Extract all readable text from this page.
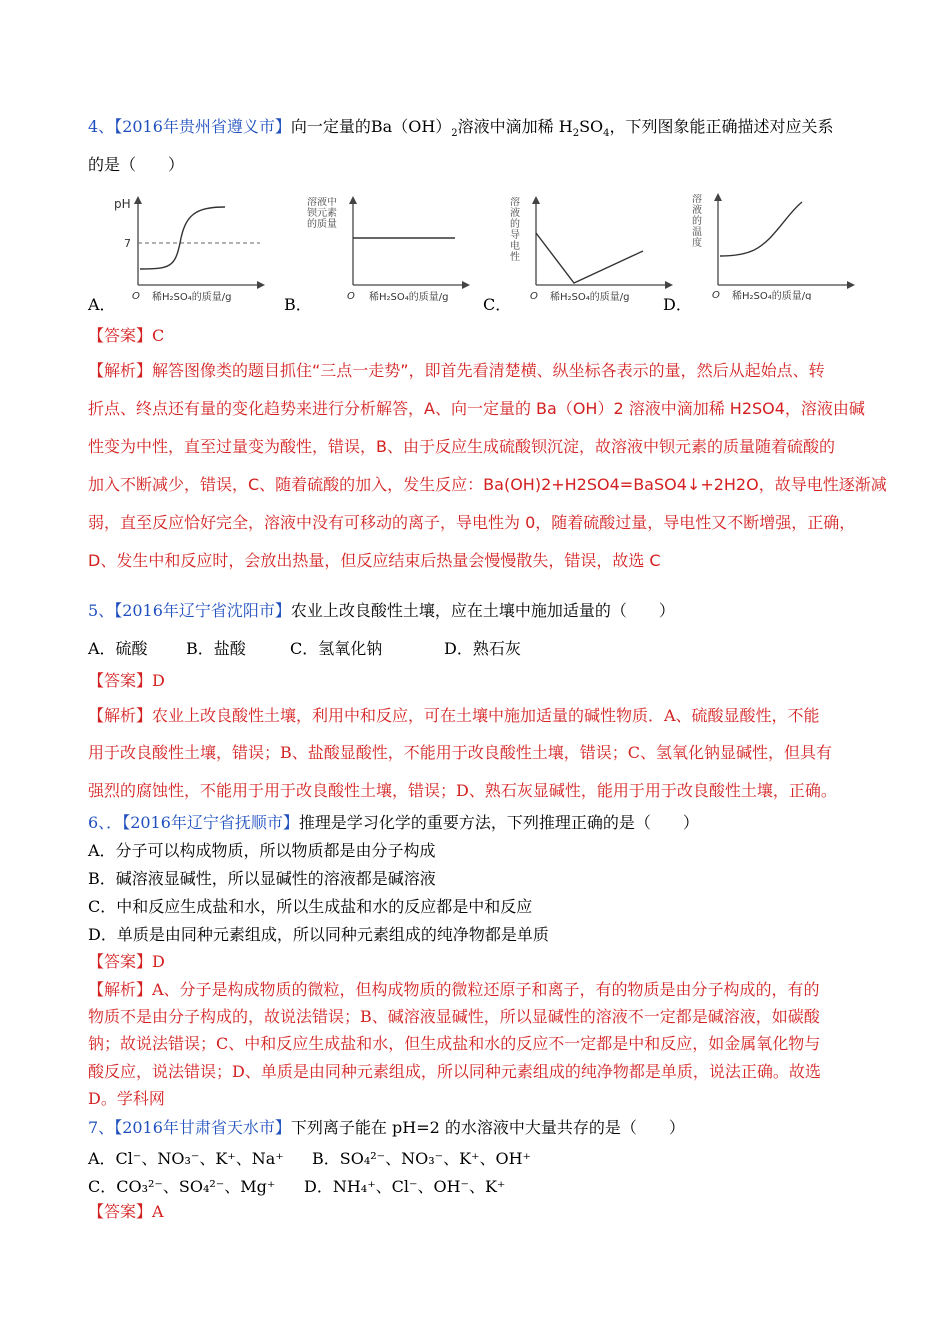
4、【2016年贵州省遵义市】向一定量的$Ba(OH)_2$溶液中滴加稀 $H_2SO_4$，下列图象能正确描述对应关系
的是（　　）
A．
pH
7
O 稀H₂SO₄的质量/g	B．
溶液中钡元素的质量
O 稀H₂SO₄的质量/g C．
溶液的导电性
O 稀H₂SO₄的质量/g D．
溶液的温度
O 稀H₂SO₄的质量/g
【答案】C
【解析】解答图像类的题目抓住“三点一走势”，即首先看清楚横、纵坐标各表示的量，然后从起始点、转
折点、终点还有量的变化趋势来进行分析解答，A、向一定量的 Ba（OH）2 溶液中滴加稀 H2SO4，溶液由碱
性变为中性，直至过量变为酸性，错误，B、由于反应生成硫酸钡沉淀，故溶液中钡元素的质量随着硫酸的
加入不断减少，错误，C、随着硫酸的加入，发生反应：Ba(OH)2+H2SO4=BaSO4↓+2H2O，故导电性逐渐减
弱，直至反应恰好完全，溶液中没有可移动的离子，导电性为 0，随着硫酸过量，导电性又不断增强，正确，
D、发生中和反应时，会放出热量，但反应结束后热量会慢慢散失，错误，故选 C
5、【2016年辽宁省沈阳市】农业上改良酸性土壤，应在土壤中施加适量的（　　）
A．硫酸 B．盐酸	C．氢氧化钠	D．熟石灰
【答案】D
【解析】农业上改良酸性土壤，利用中和反应，可在土壤中施加适量的碱性物质．A、硫酸显酸性，不能
用于改良酸性土壤，错误；B、盐酸显酸性，不能用于改良酸性土壤，错误；C、氢氧化钠显碱性，但具有
强烈的腐蚀性，不能用于用于改良酸性土壤，错误；D、熟石灰显碱性，能用于用于改良酸性土壤，正确。
6、．【2016年辽宁省抚顺市】推理是学习化学的重要方法，下列推理正确的是（　　）
A．分子可以构成物质，所以物质都是由分子构成
B．碱溶液显碱性，所以显碱性的溶液都是碱溶液
C．中和反应生成盐和水，所以生成盐和水的反应都是中和反应
D．单质是由同种元素组成，所以同种元素组成的纯净物都是单质
【答案】D
【解析】A、分子是构成物质的微粒，但构成物质的微粒还原子和离子，有的物质是由分子构成的，有的
物质不是由分子构成的，故说法错误；B、碱溶液显碱性，所以显碱性的溶液不一定都是碱溶液，如碳酸
钠；故说法错误；C、中和反应生成盐和水，但生成盐和水的反应不一定都是中和反应，如金属氧化物与
酸反应，说法错误；D、单质是由同种元素组成，所以同种元素组成的纯净物都是单质，说法正确。故选
D。学科网
7、【2016年甘肃省天水市】下列离子能在 pH=2 的水溶液中大量共存的是（　　）
A．Cl⁻、NO₃⁻、K⁺、Na⁺ B．SO₄²⁻、NO₃⁻、K⁺、OH⁺
C．CO₃²⁻、SO₄²⁻、Mg⁺ D．NH₄⁺、Cl⁻、OH⁻、K⁺
【答案】A
